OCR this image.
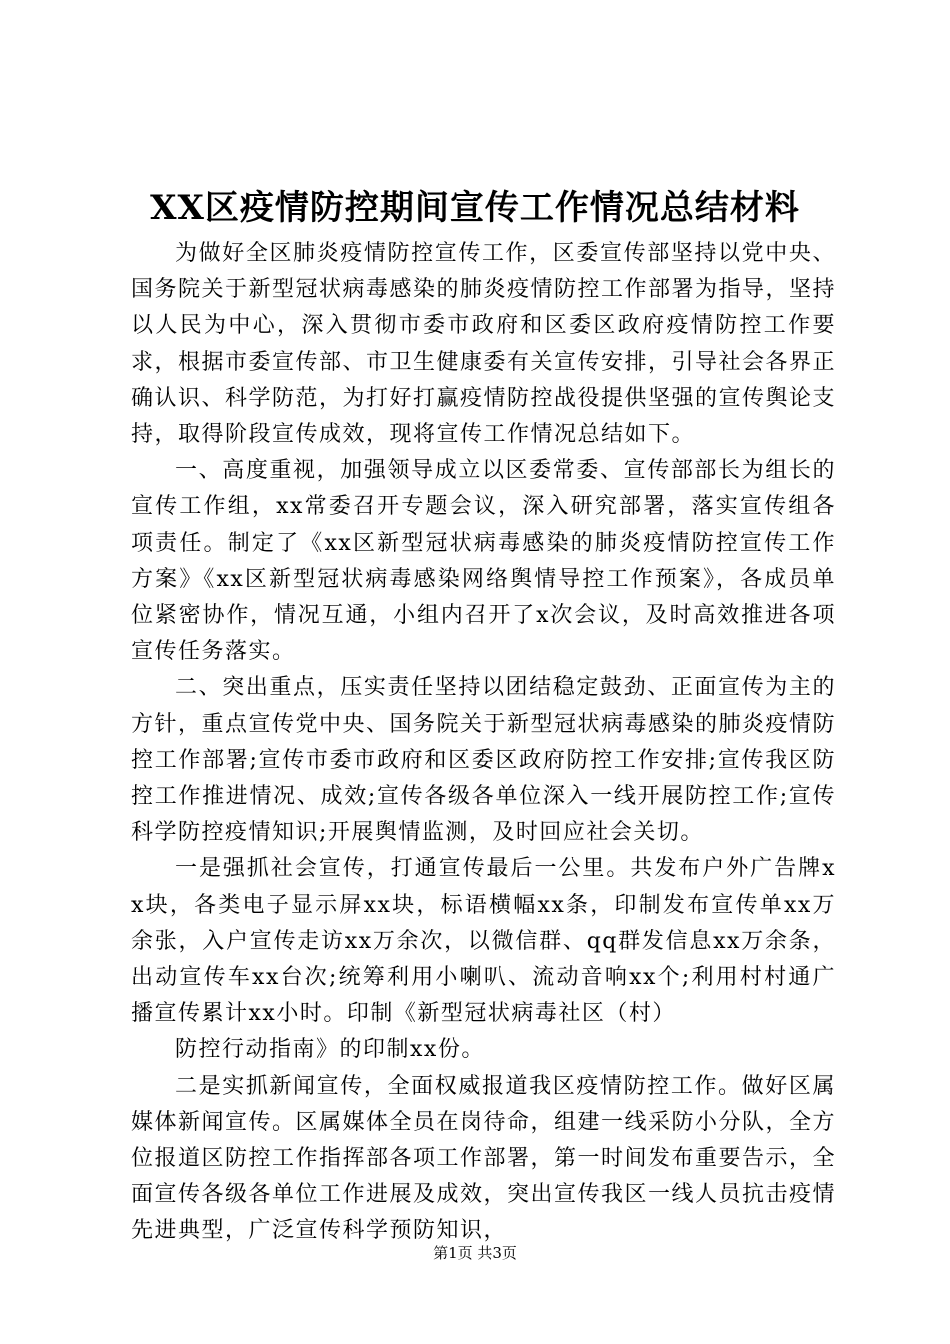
XX区疫情防控期间宣传工作情况总结材料

为做好全区肺炎疫情防控宣传工作，区委宣传部坚持以党中央、国务院关于新型冠状病毒感染的肺炎疫情防控工作部署为指导，坚持以人民为中心，深入贯彻市委市政府和区委区政府疫情防控工作要求，根据市委宣传部、市卫生健康委有关宣传安排，引导社会各界正确认识、科学防范，为打好打赢疫情防控战役提供坚强的宣传舆论支持，取得阶段宣传成效，现将宣传工作情况总结如下。

一、高度重视，加强领导成立以区委常委、宣传部部长为组长的宣传工作组，xx常委召开专题会议，深入研究部署，落实宣传组各项责任。制定了《xx区新型冠状病毒感染的肺炎疫情防控宣传工作方案》《xx区新型冠状病毒感染网络舆情导控工作预案》，各成员单位紧密协作，情况互通，小组内召开了x次会议，及时高效推进各项宣传任务落实。

二、突出重点，压实责任坚持以团结稳定鼓劲、正面宣传为主的方针，重点宣传党中央、国务院关于新型冠状病毒感染的肺炎疫情防控工作部署;宣传市委市政府和区委区政府防控工作安排;宣传我区防控工作推进情况、成效;宣传各级各单位深入一线开展防控工作;宣传科学防控疫情知识;开展舆情监测，及时回应社会关切。

一是强抓社会宣传，打通宣传最后一公里。共发布户外广告牌xx块，各类电子显示屏xx块，标语横幅xx条，印制发布宣传单xx万余张，入户宣传走访xx万余次，以微信群、qq群发信息xx万余条，出动宣传车xx台次;统筹利用小喇叭、流动音响xx个;利用村村通广播宣传累计xx小时。印制《新型冠状病毒社区（村）

防控行动指南》的印制xx份。

二是实抓新闻宣传，全面权威报道我区疫情防控工作。做好区属媒体新闻宣传。区属媒体全员在岗待命，组建一线采防小分队，全方位报道区防控工作指挥部各项工作部署，第一时间发布重要告示，全面宣传各级各单位工作进展及成效，突出宣传我区一线人员抗击疫情先进典型，广泛宣传科学预防知识，

第1页 共3页
